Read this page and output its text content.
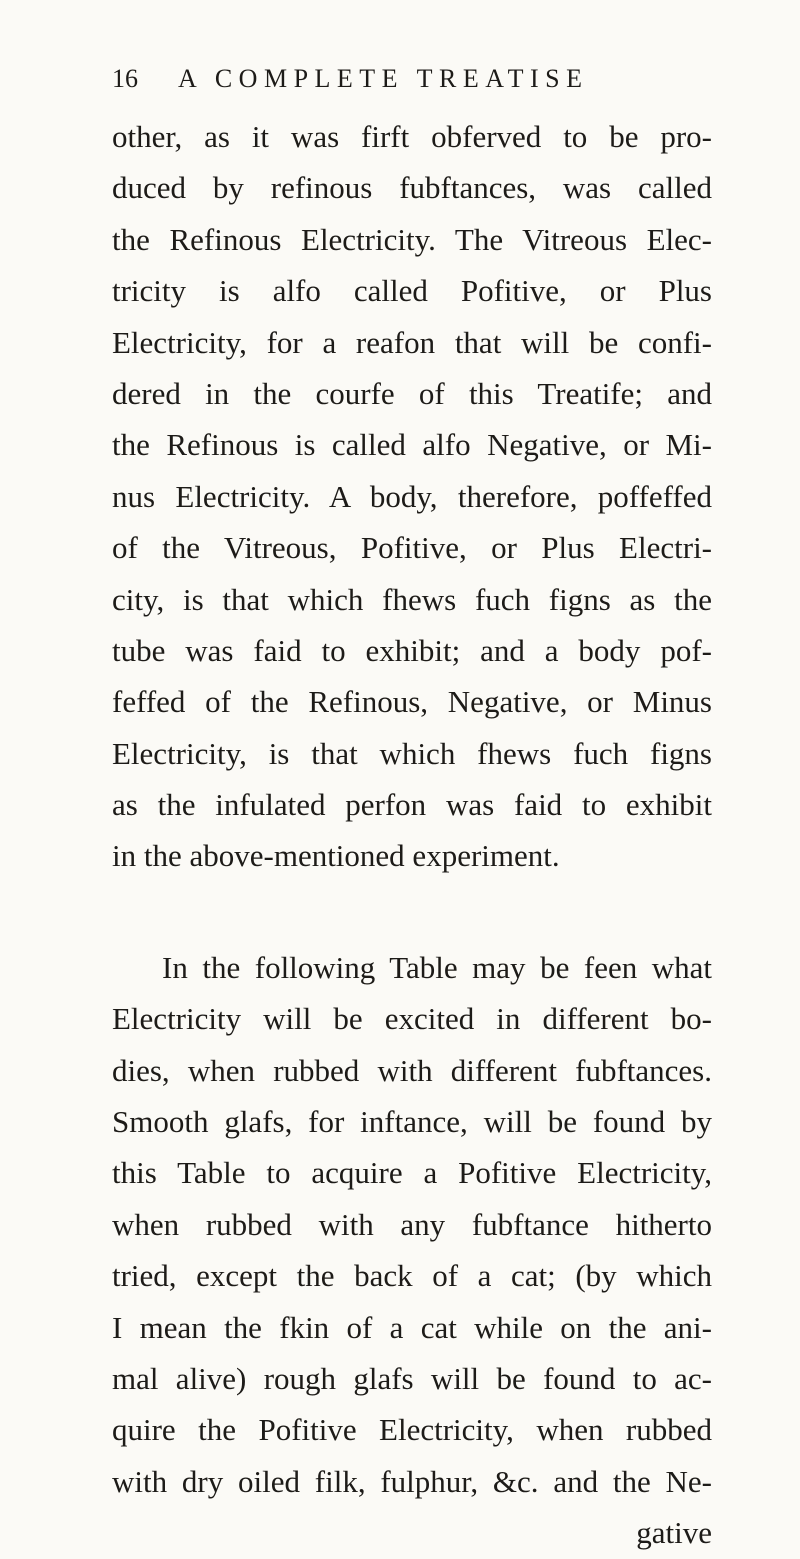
16 A COMPLETE TREATISE
other, as it was firft obferved to be pro-
duced by refinous fubftances, was called
the Refinous Electricity. The Vitreous Elec-
tricity is alfo called Pofitive, or Plus
Electricity, for a reafon that will be confi-
dered in the courfe of this Treatife; and
the Refinous is called alfo Negative, or Mi-
nus Electricity. A body, therefore, poffeffed
of the Vitreous, Pofitive, or Plus Electri-
city, is that which fhews fuch figns as the
tube was faid to exhibit; and a body pof-
feffed of the Refinous, Negative, or Minus
Electricity, is that which fhews fuch figns
as the infulated perfon was faid to exhibit
in the above-mentioned experiment.
In the following Table may be feen what
Electricity will be excited in different bo-
dies, when rubbed with different fubftances.
Smooth glafs, for inftance, will be found by
this Table to acquire a Pofitive Electricity,
when rubbed with any fubftance hitherto
tried, except the back of a cat; (by which
I mean the fkin of a cat while on the ani-
mal alive) rough glafs will be found to ac-
quire the Pofitive Electricity, when rubbed
with dry oiled filk, fulphur, &c. and the Ne-
gative
